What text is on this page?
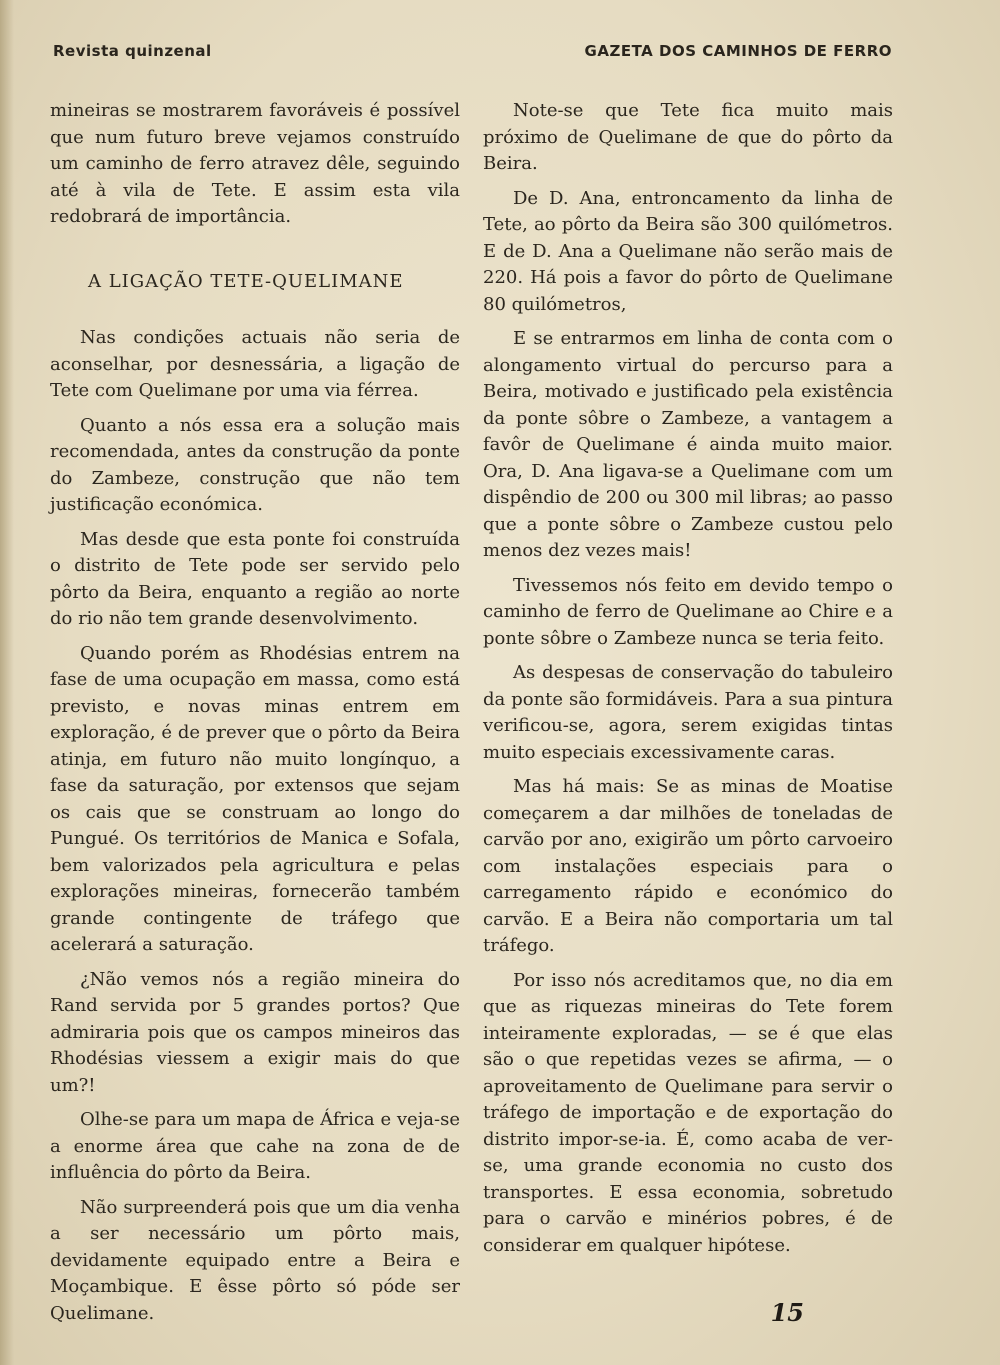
Revista quinzenal	GAZETA DOS CAMINHOS DE FERRO

mineiras se mostrarem favoráveis é possível que num futuro breve vejamos construído um caminho de ferro atravez dêle, seguindo até à vila de Tete. E assim esta vila redobrará de importância.

A LIGAÇÃO TETE-QUELIMANE

Nas condições actuais não seria de aconselhar, por desnessária, a ligação de Tete com Quelimane por uma via férrea.

Quanto a nós essa era a solução mais recomendada, antes da construção da ponte do Zambeze, construção que não tem justificação económica.

Mas desde que esta ponte foi construída o distrito de Tete pode ser servido pelo pôrto da Beira, enquanto a região ao norte do rio não tem grande desenvolvimento.

Quando porém as Rhodésias entrem na fase de uma ocupação em massa, como está previsto, e novas minas entrem em exploração, é de prever que o pôrto da Beira atinja, em futuro não muito longínquo, a fase da saturação, por extensos que sejam os cais que se construam ao longo do Pungué. Os territórios de Manica e Sofala, bem valorizados pela agricultura e pelas explorações mineiras, fornecerão também grande contingente de tráfego que acelerará a saturação.

¿Não vemos nós a região mineira do Rand servida por 5 grandes portos? Que admiraria pois que os campos mineiros das Rhodésias viessem a exigir mais do que um?!

Olhe-se para um mapa de África e veja-se a enorme área que cahe na zona de de influência do pôrto da Beira.

Não surpreenderá pois que um dia venha a ser necessário um pôrto mais, devidamente equipado entre a Beira e Moçambique. E êsse pôrto só póde ser Quelimane.

Note-se que Tete fica muito mais próximo de Quelimane de que do pôrto da Beira.

De D. Ana, entroncamento da linha de Tete, ao pôrto da Beira são 300 quilómetros. E de D. Ana a Quelimane não serão mais de 220. Há pois a favor do pôrto de Quelimane 80 quilómetros,

E se entrarmos em linha de conta com o alongamento virtual do percurso para a Beira, motivado e justificado pela existência da ponte sôbre o Zambeze, a vantagem a favôr de Quelimane é ainda muito maior. Ora, D. Ana ligava-se a Quelimane com um dispêndio de 200 ou 300 mil libras; ao passo que a ponte sôbre o Zambeze custou pelo menos dez vezes mais!

Tivessemos nós feito em devido tempo o caminho de ferro de Quelimane ao Chire e a ponte sôbre o Zambeze nunca se teria feito.

As despesas de conservação do tabuleiro da ponte são formidáveis. Para a sua pintura verificou-se, agora, serem exigidas tintas muito especiais excessivamente caras.

Mas há mais: Se as minas de Moatise começarem a dar milhões de toneladas de carvão por ano, exigirão um pôrto carvoeiro com instalações especiais para o carregamento rápido e económico do carvão. E a Beira não comportaria um tal tráfego.

Por isso nós acreditamos que, no dia em que as riquezas mineiras do Tete forem inteiramente exploradas, — se é que elas são o que repetidas vezes se afirma, — o aproveitamento de Quelimane para servir o tráfego de importação e de exportação do distrito impor-se-ia. É, como acaba de ver-se, uma grande economia no custo dos transportes. E essa economia, sobretudo para o carvão e minérios pobres, é de considerar em qualquer hipótese.

15
